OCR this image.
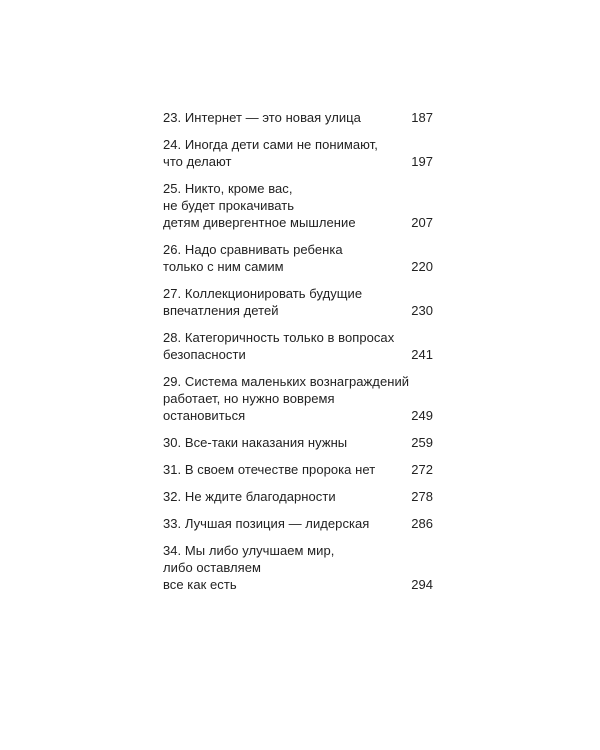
23. Интернет — это новая улица	187
24. Иногда дети сами не понимают,
что делают	197
25. Никто, кроме вас,
не будет прокачивать
детям дивергентное мышление	207
26. Надо сравнивать ребенка
только с ним самим	220
27. Коллекционировать будущие
впечатления детей	230
28. Категоричность только в вопросах
безопасности	241
29. Система маленьких вознаграждений
работает, но нужно вовремя
остановиться	249
30. Все-таки наказания нужны	259
31. В своем отечестве пророка нет	272
32. Не ждите благодарности	278
33. Лучшая позиция — лидерская	286
34. Мы либо улучшаем мир,
либо оставляем
все как есть	294
